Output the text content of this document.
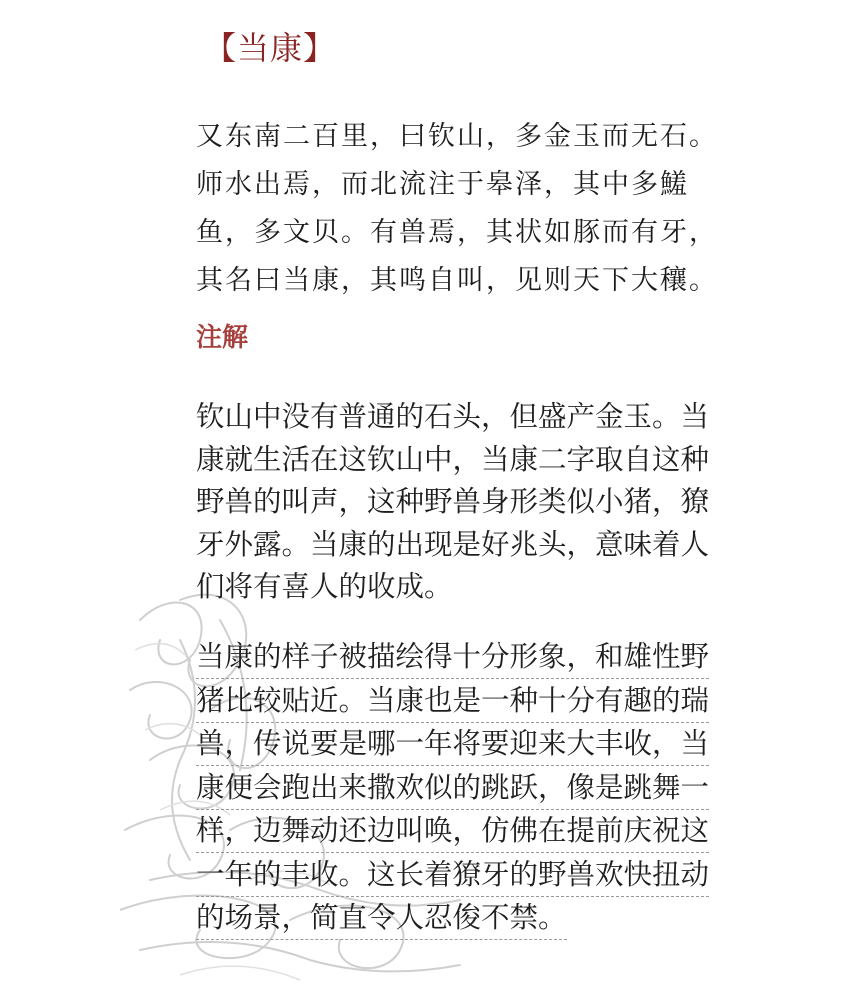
【当康】
又东南二百里，曰钦山，多金玉而无石。
师水出焉，而北流注于皋泽，其中多鱃
鱼，多文贝。有兽焉，其状如豚而有牙，
其名曰当康，其鸣自叫，见则天下大穰。
注解
钦山中没有普通的石头，但盛产金玉。当
康就生活在这钦山中，当康二字取自这种
野兽的叫声，这种野兽身形类似小猪，獠
牙外露。当康的出现是好兆头，意味着人
们将有喜人的收成。
当康的样子被描绘得十分形象，和雄性野
猪比较贴近。当康也是一种十分有趣的瑞
兽，传说要是哪一年将要迎来大丰收，当
康便会跑出来撒欢似的跳跃，像是跳舞一
样，边舞动还边叫唤，仿佛在提前庆祝这
一年的丰收。这长着獠牙的野兽欢快扭动
的场景，简直令人忍俊不禁。
